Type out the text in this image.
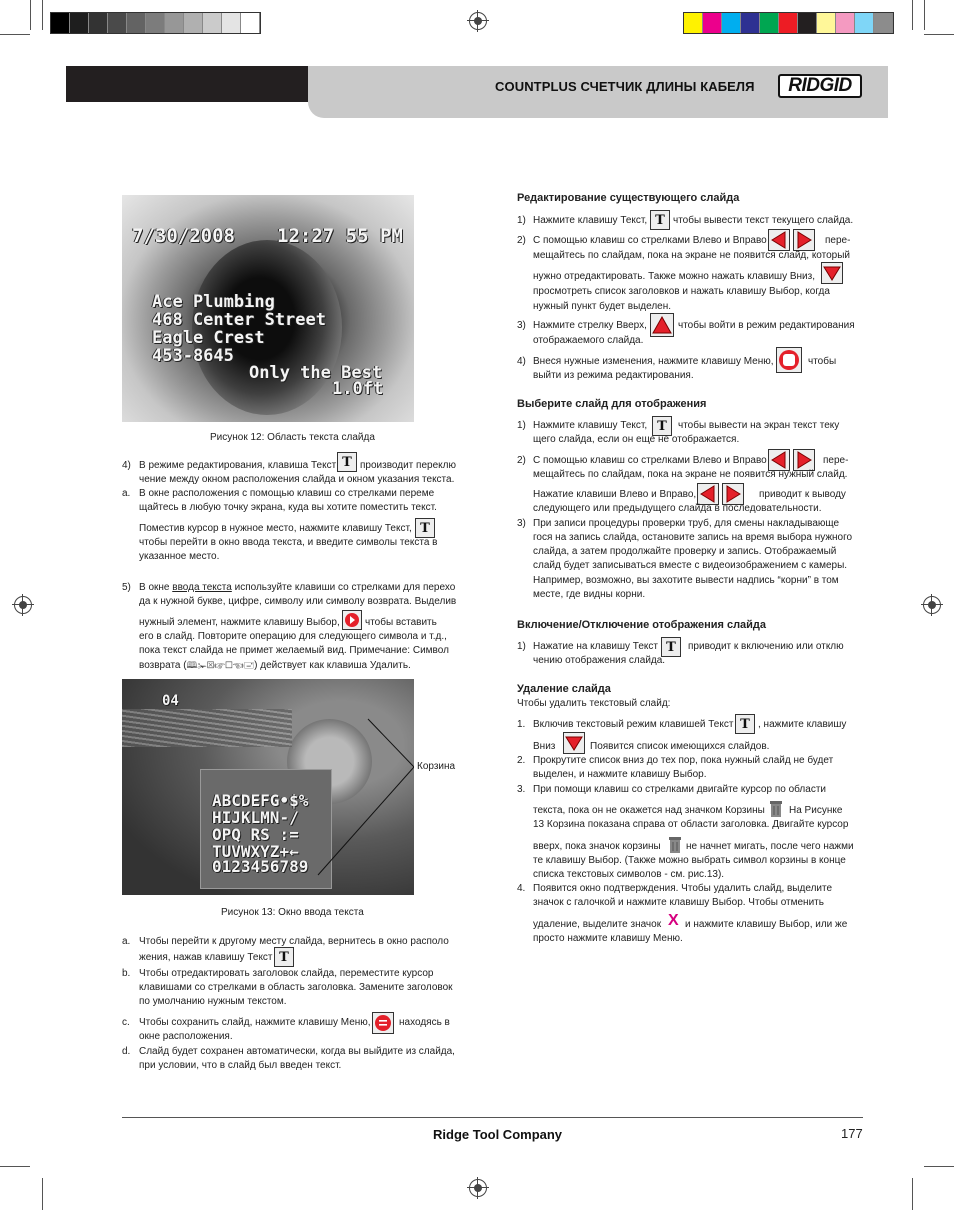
COUNTPLUS СЧЕТЧИК ДЛИНЫ КАБЕЛЯ RIDGID
7/30/2008 12:27 55 PM
Ace Plumbing
468 Center Street
Eagle Crest
453-8645
Only the Best
1.0ft
Рисунок 12: Область текста слайда
4) В режиме редактирования, клавиша Текст T производит переклю
чение между окном расположения слайда и окном указания текста.
a. В окне расположения с помощью клавиш со стрелками переме
щайтесь в любую точку экрана, куда вы хотите поместить текст.
Поместив курсор в нужное место, нажмите клавишу Текст, T
чтобы перейти в окно ввода текста, и введите символы текста в
указанное место.
5) В окне ввода текста используйте клавиши со стрелками для перехо
да к нужной букве, цифре, символу или символу возврата. Выделив
нужный элемент, нажмите клавишу Выбор,	чтобы вставить
его в слайд. Повторите операцию для следующего символа и т.д.,
пока текст слайда не примет желаемый вид. Примечание: Символ
возврата (🕮✁☒☞☐☜🖃) действует как клавиша Удалить.
04
ABCDEFG•$%
HIJKLMN-/
OPQ RS :=
TUVWXYZ+←
0123456789
Корзина
Рисунок 13: Окно ввода текста
a. Чтобы перейти к другому месту слайда, вернитесь в окно располо
жения, нажав клавишу Текст T
b. Чтобы отредактировать заголовок слайда, переместите курсор
клавишами со стрелками в область заголовка. Замените заголовок
по умолчанию нужным текстом.
c. Чтобы сохранить слайд, нажмите клавишу Меню,	находясь в
окне расположения.
d. Слайд будет сохранен автоматически, когда вы выйдите из слайда,
при условии, что в слайд был введен текст.
Редактирование существующего слайда
1) Нажмите клавишу Текст, T чтобы вывести текст текущего слайда.
2) С помощью клавиш со стрелками Влево и Вправо	пере-
мещайтесь по слайдам, пока на экране не появится слайд, который
нужно отредактировать. Также можно нажать клавишу Вниз,
просмотреть список заголовков и нажать клавишу Выбор, когда
нужный пункт будет выделен.
3) Нажмите стрелку Вверх,	чтобы войти в режим редактирования
отображаемого слайда.
4) Внеся нужные изменения, нажмите клавишу Меню,	чтобы
выйти из режима редактирования.
Выберите слайд для отображения
1) Нажмите клавишу Текст, T	чтобы вывести на экран текст теку
щего слайда, если он еще не отображается.
2) С помощью клавиш со стрелками Влево и Вправо	пере-
мещайтесь по слайдам, пока на экране не появится нужный слайд.
Нажатие клавиши Влево и Вправо,	приводит к выводу
следующего или предыдущего слайда в последовательности.
3) При записи процедуры проверки труб, для смены накладывающе
гося на запись слайда, остановите запись на время выбора нужного
слайда, а затем продолжайте проверку и запись. Отображаемый
слайд будет записываться вместе с видеоизображением с камеры.
Например, возможно, вы захотите вывести надпись “корни” в том
месте, где видны корни.
Включение/Отключение отображения слайда
1) Нажатие на клавишу Текст T	приводит к включению или отклю
чению отображения слайда.
Удаление слайда
Чтобы удалить текстовый слайд:
1. Включив текстовый режим клавишей Текст T , нажмите клавишу
Вниз	Появится список имеющихся слайдов.
2. Прокрутите список вниз до тех пор, пока нужный слайд не будет
выделен, и нажмите клавишу Выбор.
3. При помощи клавиш со стрелками двигайте курсор по области
текста, пока он не окажется над значком Корзины На Рисунке
13 Корзина показана справа от области заголовка. Двигайте курсор
вверх, пока значок корзины	не начнет мигать, после чего нажми
те клавишу Выбор. (Также можно выбрать символ корзины в конце
списка текстовых символов - см. рис.13).
4. Появится окно подтверждения. Чтобы удалить слайд, выделите
значок с галочкой и нажмите клавишу Выбор. Чтобы отменить
удаление, выделите значок X и нажмите клавишу Выбор, или же
просто нажмите клавишу Меню.
Ridge Tool Company	177
